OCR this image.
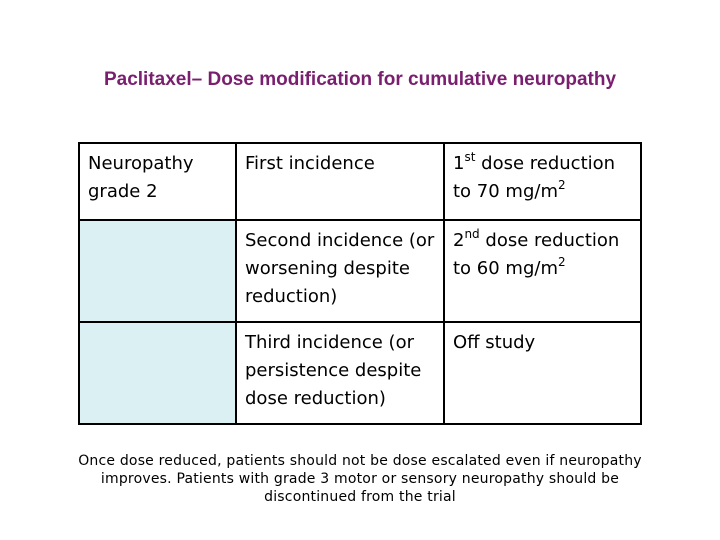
Paclitaxel– Dose modification for cumulative neuropathy
Neuropathy grade 2	First incidence	1st dose reduction to 70 $mg/m^2$
	Second incidence (or worsening despite reduction)	2nd dose reduction to 60 $mg/m^2$
	Third incidence (or persistence despite dose reduction)	Off study
Once dose reduced, patients should not be dose escalated even if neuropathy
improves. Patients with grade 3 motor or sensory neuropathy should be
discontinued from the trial
